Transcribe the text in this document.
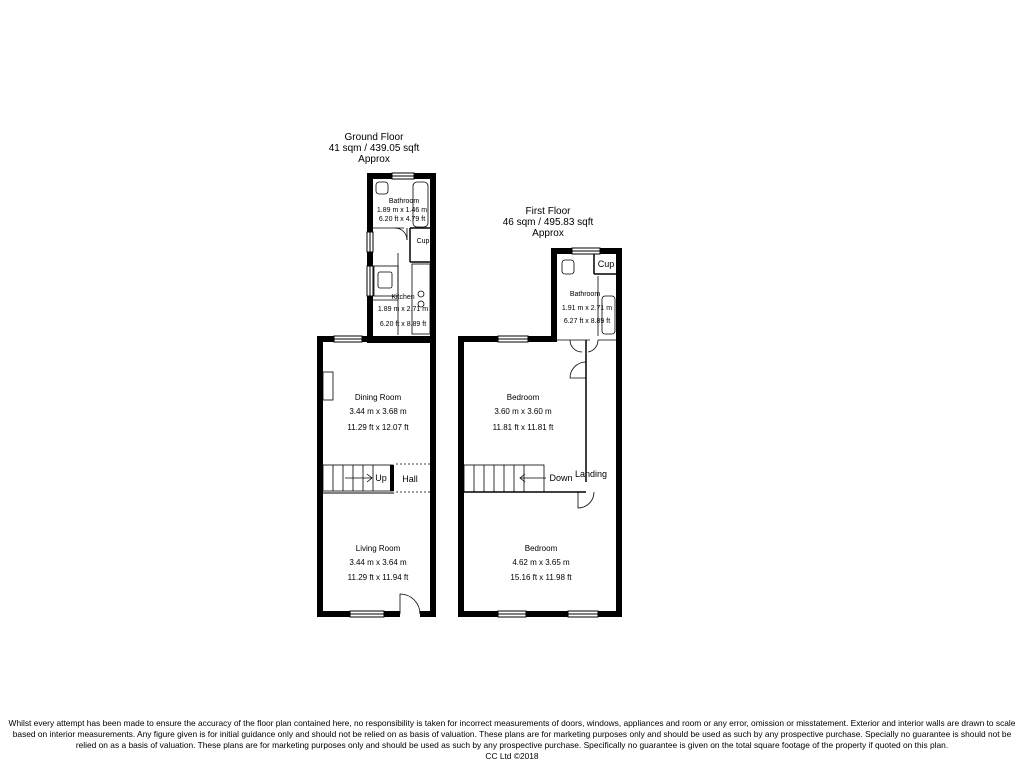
Ground Floor
41 sqm / 439.05 sqft
Approx
First Floor
46 sqm / 495.83 sqft
Approx
Bathroom
1.89 m x 1.46 m
6.20 ft x 4.79 ft
Cup
Kitchen
1.89 m x 2.71 m
6.20 ft x 8.89 ft
Dining Room
3.44 m x 3.68 m
11.29 ft x 12.07 ft
Up Hall
Living Room
3.44 m x 3.64 m
11.29 ft x 11.94 ft
Cup
Bathroom
1.91 m x 2.71 m
6.27 ft x 8.89 ft
Bedroom
3.60 m x 3.60 m
11.81 ft x 11.81 ft
Down Landing
Bedroom
4.62 m x 3.65 m
15.16 ft x 11.98 ft
Whilst every attempt has been made to ensure the accuracy of the floor plan contained here, no responsibility is taken for incorrect measurements of doors, windows, appliances and room or any error, omission or misstatement. Exterior and interior walls are drawn to scale based on interior measurements. Any figure given is for initial guidance only and should not be relied on as basis of valuation. These plans are for marketing purposes only and should be used as such by any prospective purchase. Specially no guarantee is should not be relied on as a basis of valuation. These plans are for marketing purposes only and should be used as such by any prospective purchase. Specifically no guarantee is given on the total square footage of the property if quoted on this plan.
CC Ltd ©2018
